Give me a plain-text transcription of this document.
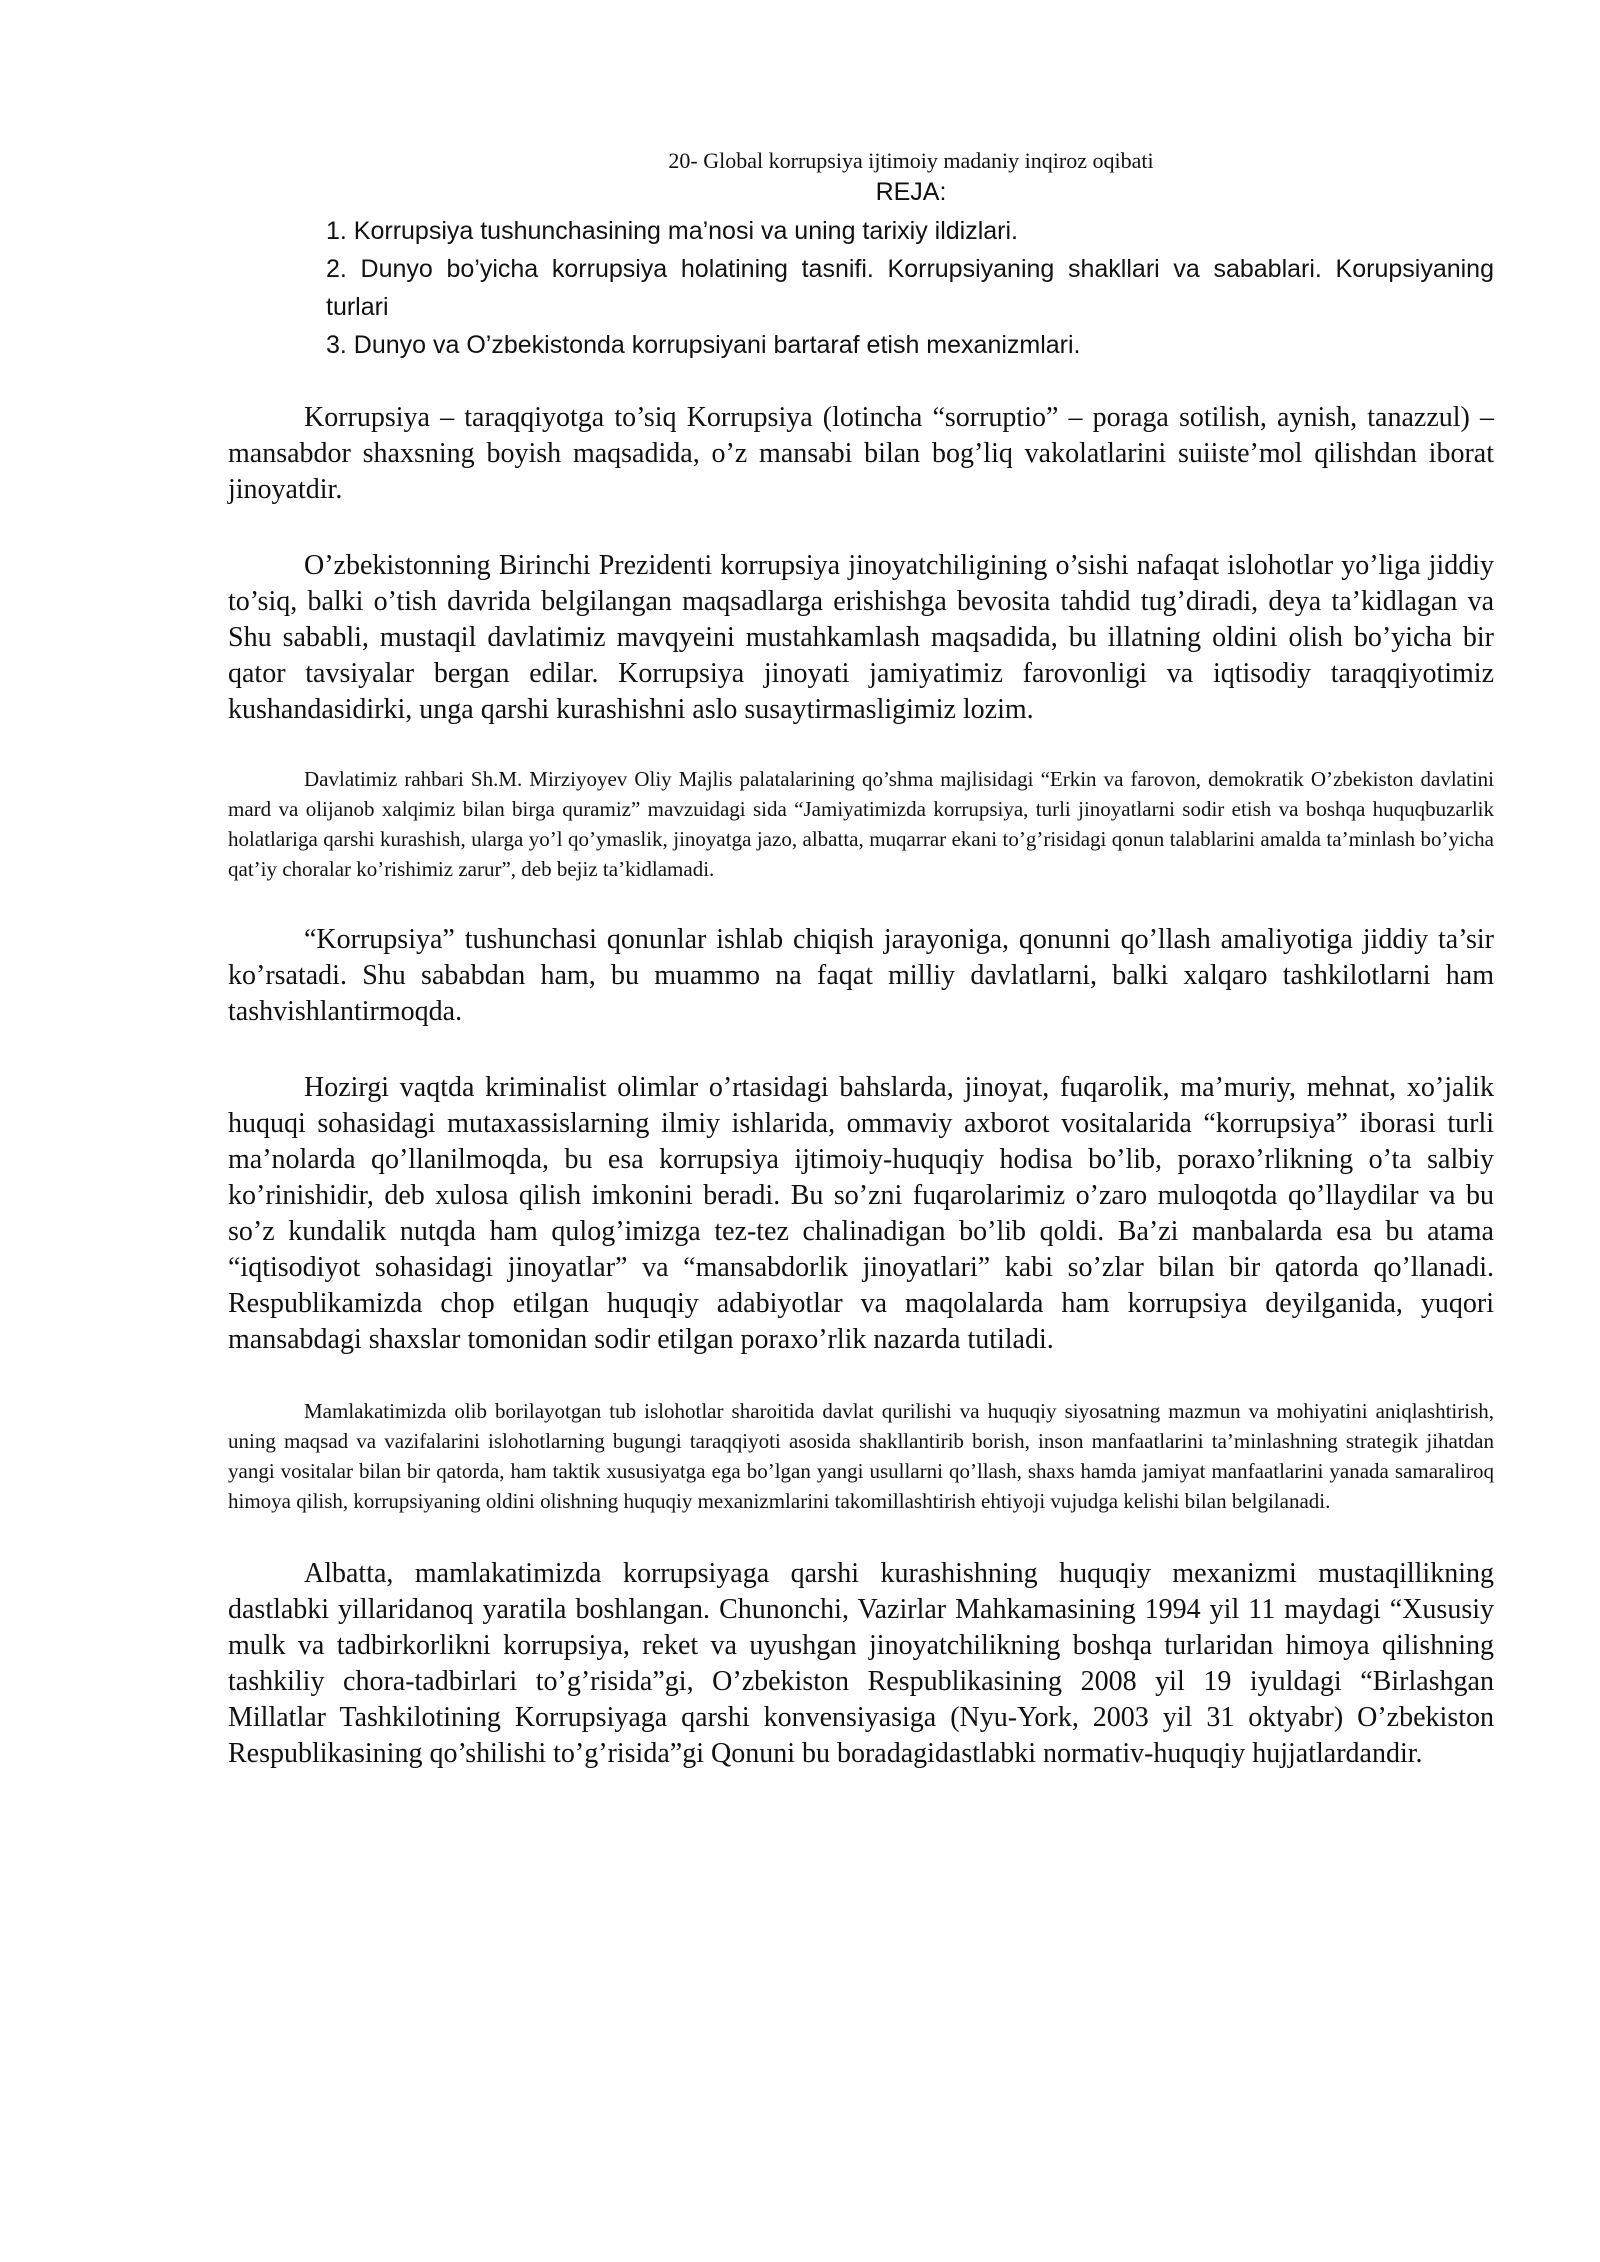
20- Global korrupsiya ijtimoiy madaniy inqiroz oqibati

REJA:

1. Korrupsiya tushunchasining ma’nosi va uning tarixiy ildizlari.
2. Dunyo bo’yicha korrupsiya holatining tasnifi. Korrupsiyaning shakllari va sabablari. Korupsiyaning turlari
3. Dunyo va O’zbekistonda korrupsiyani bartaraf etish mexanizmlari.

Korrupsiya – taraqqiyotga to’siq Korrupsiya (lotincha “sorruptio” – poraga sotilish, aynish, tanazzul) – mansabdor shaxsning boyish maqsadida, o’z mansabi bilan bog’liq vakolatlarini suiiste’mol qilishdan iborat jinoyatdir.

O’zbekistonning Birinchi Prezidenti korrupsiya jinoyatchiligining o’sishi nafaqat islohotlar yo’liga jiddiy to’siq, balki o’tish davrida belgilangan maqsadlarga erishishga bevosita tahdid tug’diradi, deya ta’kidlagan va Shu sababli, mustaqil davlatimiz mavqyeini mustahkamlash maqsadida, bu illatning oldini olish bo’yicha bir qator tavsiyalar bergan edilar. Korrupsiya jinoyati jamiyatimiz farovonligi va iqtisodiy taraqqiyotimiz kushandasidirki, unga qarshi kurashishni aslo susaytirmasligimiz lozim.

Davlatimiz rahbari Sh.M. Mirziyoyev Oliy Majlis palatalarining qo’shma majlisidagi “Erkin va farovon, demokratik O’zbekiston davlatini mard va olijanob xalqimiz bilan birga quramiz” mavzuidagi sida “Jamiyatimizda korrupsiya, turli jinoyatlarni sodir etish va boshqa huquqbuzarlik holatlariga qarshi kurashish, ularga yo’l qo’ymaslik, jinoyatga jazo, albatta, muqarrar ekani to’g’risidagi qonun talablarini amalda ta’minlash bo’yicha qat’iy choralar ko’rishimiz zarur”, deb bejiz ta’kidlamadi.

“Korrupsiya” tushunchasi qonunlar ishlab chiqish jarayoniga, qonunni qo’llash amaliyotiga jiddiy ta’sir ko’rsatadi. Shu sababdan ham, bu muammo na faqat milliy davlatlarni, balki xalqaro tashkilotlarni ham tashvishlantirmoqda.

Hozirgi vaqtda kriminalist olimlar o’rtasidagi bahslarda, jinoyat, fuqarolik, ma’muriy, mehnat, xo’jalik huquqi sohasidagi mutaxassislarning ilmiy ishlarida, ommaviy axborot vositalarida “korrupsiya” iborasi turli ma’nolarda qo’llanilmoqda, bu esa korrupsiya ijtimoiy-huquqiy hodisa bo’lib, poraxo’rlikning o’ta salbiy ko’rinishidir, deb xulosa qilish imkonini beradi. Bu so’zni fuqarolarimiz o’zaro muloqotda qo’llaydilar va bu so’z kundalik nutqda ham qulog’imizga tez-tez chalinadigan bo’lib qoldi. Ba’zi manbalarda esa bu atama “iqtisodiyot sohasidagi jinoyatlar” va “mansabdorlik jinoyatlari” kabi so’zlar bilan bir qatorda qo’llanadi. Respublikamizda chop etilgan huquqiy adabiyotlar va maqolalarda ham korrupsiya deyilganida, yuqori mansabdagi shaxslar tomonidan sodir etilgan poraxo’rlik nazarda tutiladi.

Mamlakatimizda olib borilayotgan tub islohotlar sharoitida davlat qurilishi va huquqiy siyosatning mazmun va mohiyatini aniqlashtirish, uning maqsad va vazifalarini islohotlarning bugungi taraqqiyoti asosida shakllantirib borish, inson manfaatlarini ta’minlashning strategik jihatdan yangi vositalar bilan bir qatorda, ham taktik xususiyatga ega bo’lgan yangi usullarni qo’llash, shaxs hamda jamiyat manfaatlarini yanada samaraliroq himoya qilish, korrupsiyaning oldini olishning huquqiy mexanizmlarini takomillashtirish ehtiyoji vujudga kelishi bilan belgilanadi.

Albatta, mamlakatimizda korrupsiyaga qarshi kurashishning huquqiy mexanizmi mustaqillikning dastlabki yillaridanoq yaratila boshlangan. Chunonchi, Vazirlar Mahkamasining 1994 yil 11 maydagi “Xususiy mulk va tadbirkorlikni korrupsiya, reket va uyushgan jinoyatchilikning boshqa turlaridan himoya qilishning tashkiliy chora-tadbirlari to’g’risida”gi, O’zbekiston Respublikasining 2008 yil 19 iyuldagi “Birlashgan Millatlar Tashkilotining Korrupsiyaga qarshi konvensiyasiga (Nyu-York, 2003 yil 31 oktyabr) O’zbekiston Respublikasining qo’shilishi to’g’risida”gi Qonuni bu boradagidastlabki normativ-huquqiy hujjatlardandir.
